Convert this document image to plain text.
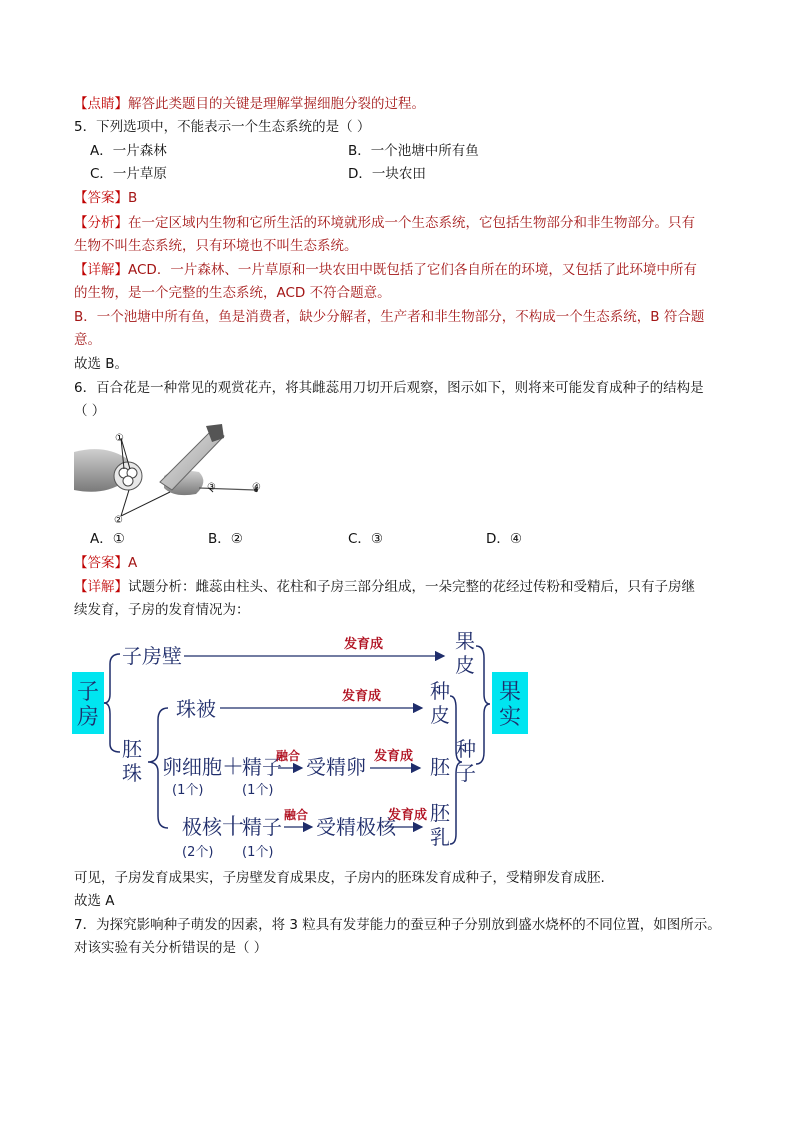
【点睛】解答此类题目的关键是理解掌握细胞分裂的过程。
5．下列选项中，不能表示一个生态系统的是（ ）
A．一片森林	B．一个池塘中所有鱼
C．一片草原	D．一块农田
【答案】B
【分析】在一定区域内生物和它所生活的环境就形成一个生态系统，它包括生物部分和非生物部分。只有
生物不叫生态系统，只有环境也不叫生态系统。
【详解】ACD．一片森林、一片草原和一块农田中既包括了它们各自所在的环境，又包括了此环境中所有
的生物，是一个完整的生态系统，ACD 不符合题意。
B．一个池塘中所有鱼，鱼是消费者，缺少分解者，生产者和非生物部分，不构成一个生态系统，B 符合题
意。
故选 B。
6．百合花是一种常见的观赏花卉，将其雌蕊用刀切开后观察，图示如下，则将来可能发育成种子的结构是
（ ）
①
②
③	④
A．①	B．②	C．③	D．④
【答案】A
【详解】试题分析：雌蕊由柱头、花柱和子房三部分组成，一朵完整的花经过传粉和受精后，只有子房继
续发育，子房的发育情况为：
子
房
子房壁	发育成	果
皮
胚
珠
珠被
发育成 种
皮
卵细胞 ＋
精子
(1个)	(1个)
融合 受精卵 发育成 胚
极核 十
精子
(2个) (1个)
融合 受精极核
发育成 胚
乳
种
子
果
实
可见，子房发育成果实，子房壁发育成果皮，子房内的胚珠发育成种子，受精卵发育成胚.
故选 A
7．为探究影响种子萌发的因素，将 3 粒具有发芽能力的蚕豆种子分别放到盛水烧杯的不同位置，如图所示。
对该实验有关分析错误的是（ ）
